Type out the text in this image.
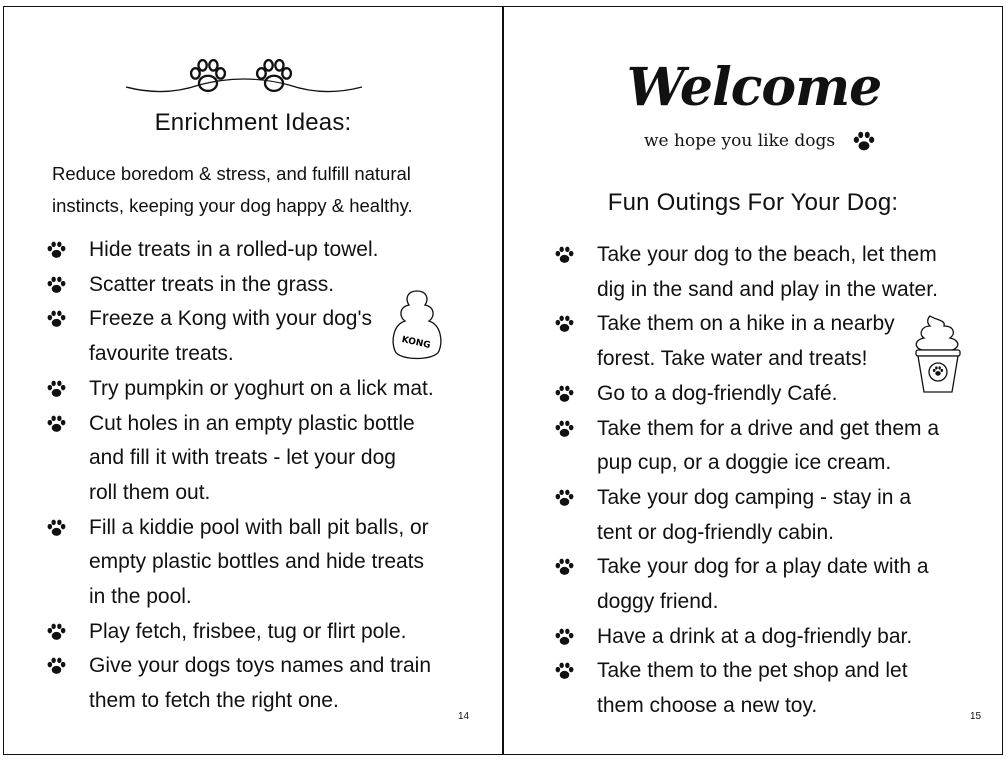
Enrichment Ideas:
Reduce boredom & stress, and fulfill natural instincts, keeping your dog happy & healthy.
Hide treats in a rolled-up towel.
Scatter treats in the grass.
Freeze a Kong with your dog's
favourite treats.
Try pumpkin or yoghurt on a lick mat.
Cut holes in an empty plastic bottle
and fill it with treats - let your dog
roll them out.
Fill a kiddie pool with ball pit balls, or
empty plastic bottles and hide treats
in the pool.
Play fetch, frisbee, tug or flirt pole.
Give your dogs toys names and train
them to fetch the right one.
KONG
14
Welcome
we hope you like dogs
Fun Outings For Your Dog:
Take your dog to the beach, let them
dig in the sand and play in the water.
Take them on a hike in a nearby
forest. Take water and treats!
Go to a dog-friendly Café.
Take them for a drive and get them a
pup cup, or a doggie ice cream.
Take your dog camping - stay in a
tent or dog-friendly cabin.
Take your dog for a play date with a
doggy friend.
Have a drink at a dog-friendly bar.
Take them to the pet shop and let
them choose a new toy.	15
